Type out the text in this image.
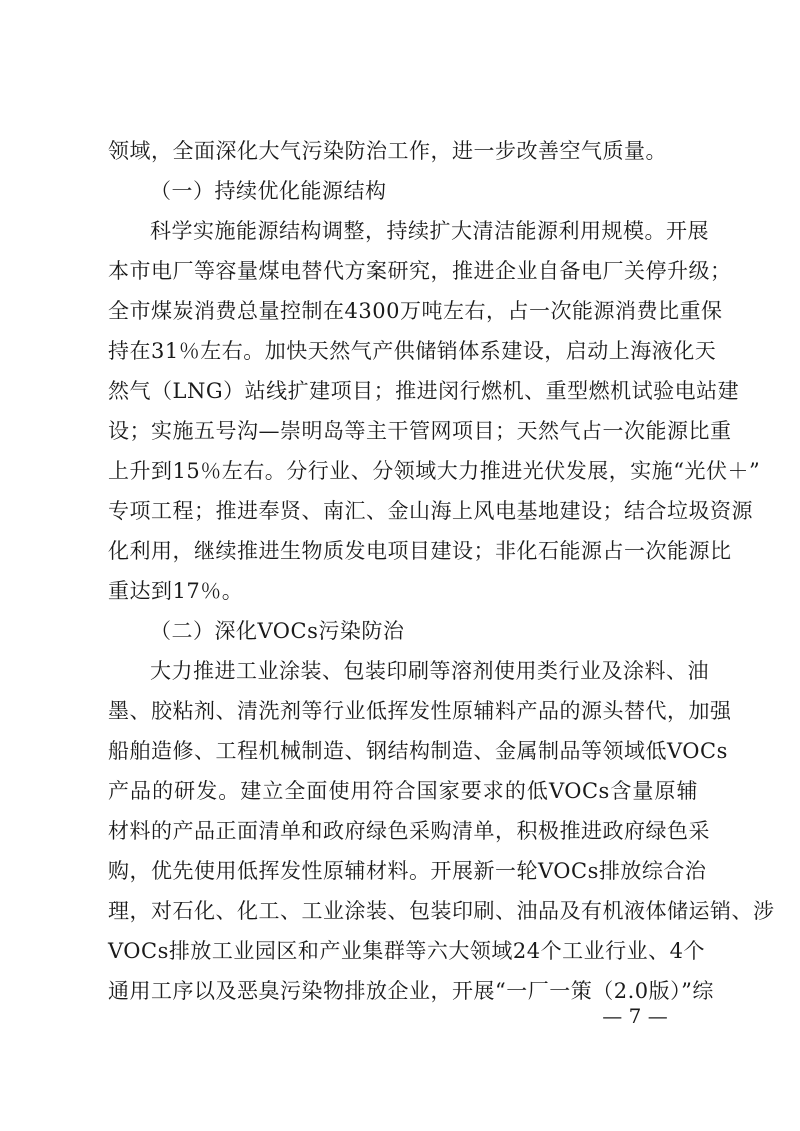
领域，全面深化大气污染防治工作，进一步改善空气质量。
（一）持续优化能源结构
科学实施能源结构调整，持续扩大清洁能源利用规模。开展
本市电厂等容量煤电替代方案研究，推进企业自备电厂关停升级；
全市煤炭消费总量控制在4300万吨左右，占一次能源消费比重保
持在31％左右。加快天然气产供储销体系建设，启动上海液化天
然气（LNG）站线扩建项目；推进闵行燃机、重型燃机试验电站建
设；实施五号沟—崇明岛等主干管网项目；天然气占一次能源比重
上升到15％左右。分行业、分领域大力推进光伏发展，实施“光伏＋”
专项工程；推进奉贤、南汇、金山海上风电基地建设；结合垃圾资源
化利用，继续推进生物质发电项目建设；非化石能源占一次能源比
重达到17％。
（二）深化VOCs污染防治
大力推进工业涂装、包装印刷等溶剂使用类行业及涂料、油
墨、胶粘剂、清洗剂等行业低挥发性原辅料产品的源头替代，加强
船舶造修、工程机械制造、钢结构制造、金属制品等领域低VOCs
产品的研发。建立全面使用符合国家要求的低VOCs含量原辅
材料的产品正面清单和政府绿色采购清单，积极推进政府绿色采
购，优先使用低挥发性原辅材料。开展新一轮VOCs排放综合治
理，对石化、化工、工业涂装、包装印刷、油品及有机液体储运销、涉
VOCs排放工业园区和产业集群等六大领域24个工业行业、4个
通用工序以及恶臭污染物排放企业，开展“一厂一策（2.0版）”综
— 7 —
